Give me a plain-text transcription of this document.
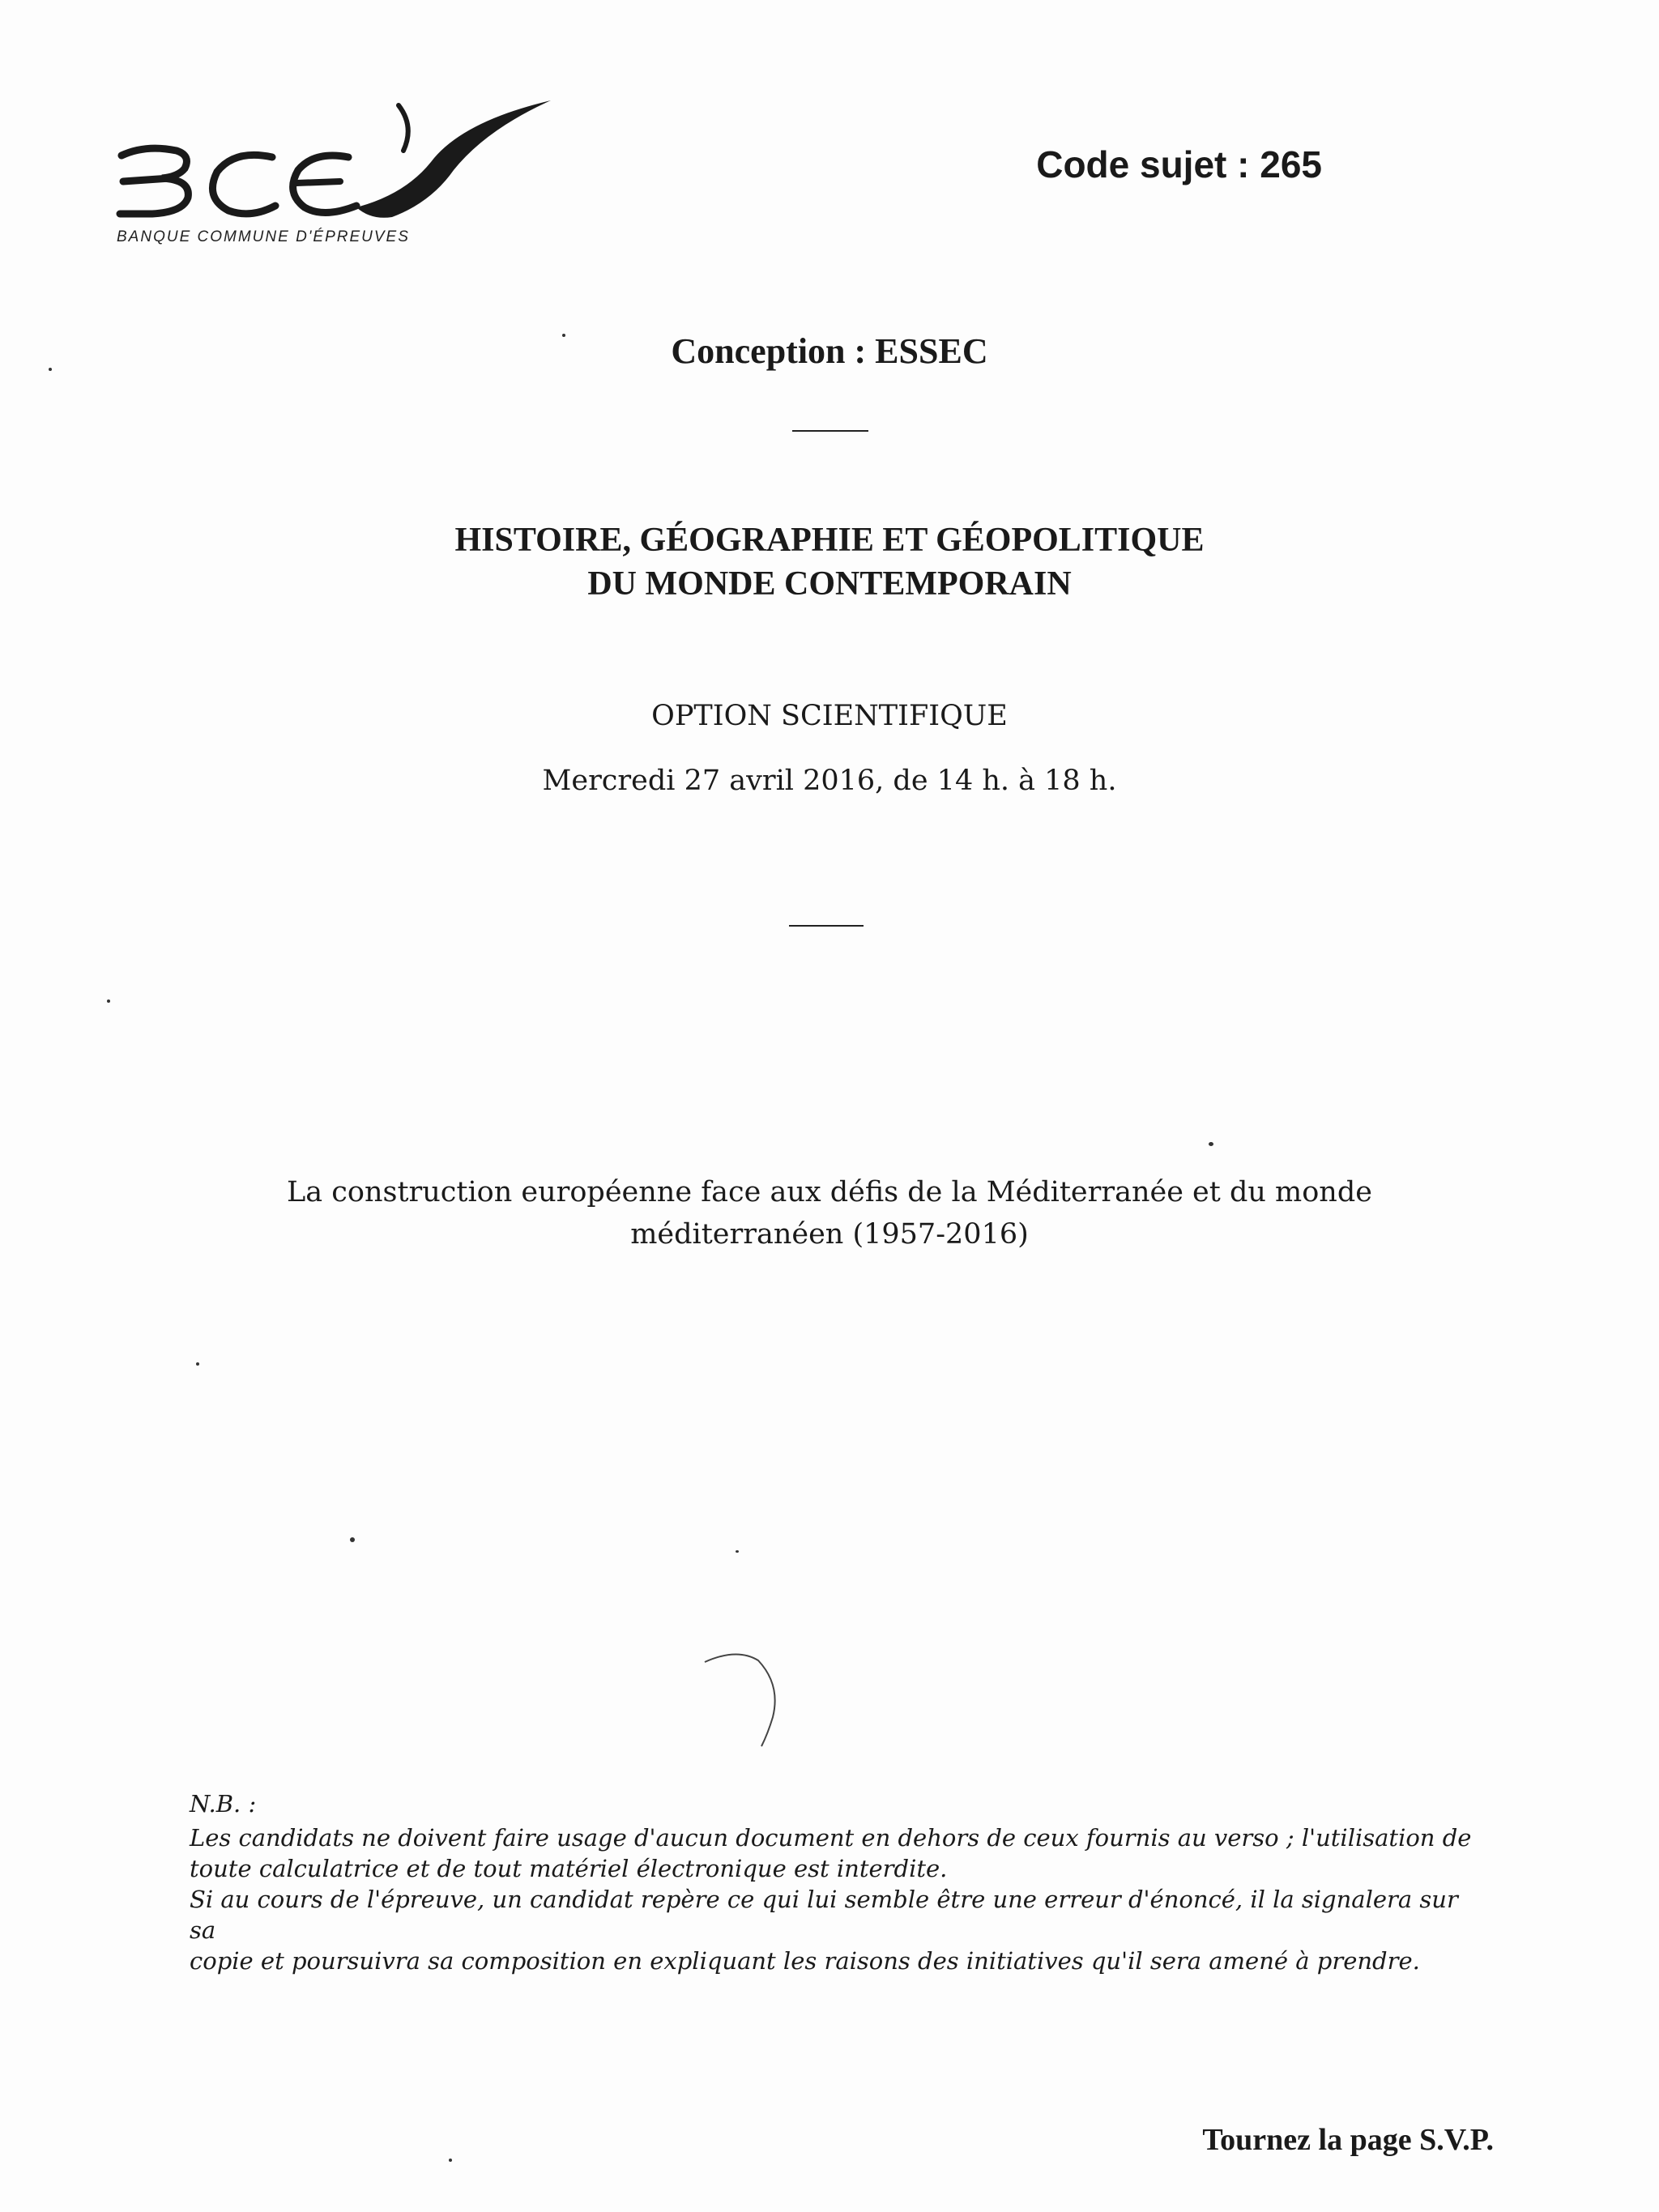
BANQUE COMMUNE D'ÉPREUVES
Code sujet : 265
Conception : ESSEC
HISTOIRE, GÉOGRAPHIE ET GÉOPOLITIQUE
DU MONDE CONTEMPORAIN
OPTION SCIENTIFIQUE
Mercredi 27 avril 2016, de 14 h. à 18 h.
La construction européenne face aux défis de la Méditerranée et du monde
méditerranéen (1957-2016)
N.B. :

Les candidats ne doivent faire usage d'aucun document en dehors de ceux fournis au verso ; l'utilisation de

toute calculatrice et de tout matériel électronique est interdite.

Si au cours de l'épreuve, un candidat repère ce qui lui semble être une erreur d'énoncé, il la signalera sur sa

copie et poursuivra sa composition en expliquant les raisons des initiatives qu'il sera amené à prendre.

Tournez la page S.V.P.
